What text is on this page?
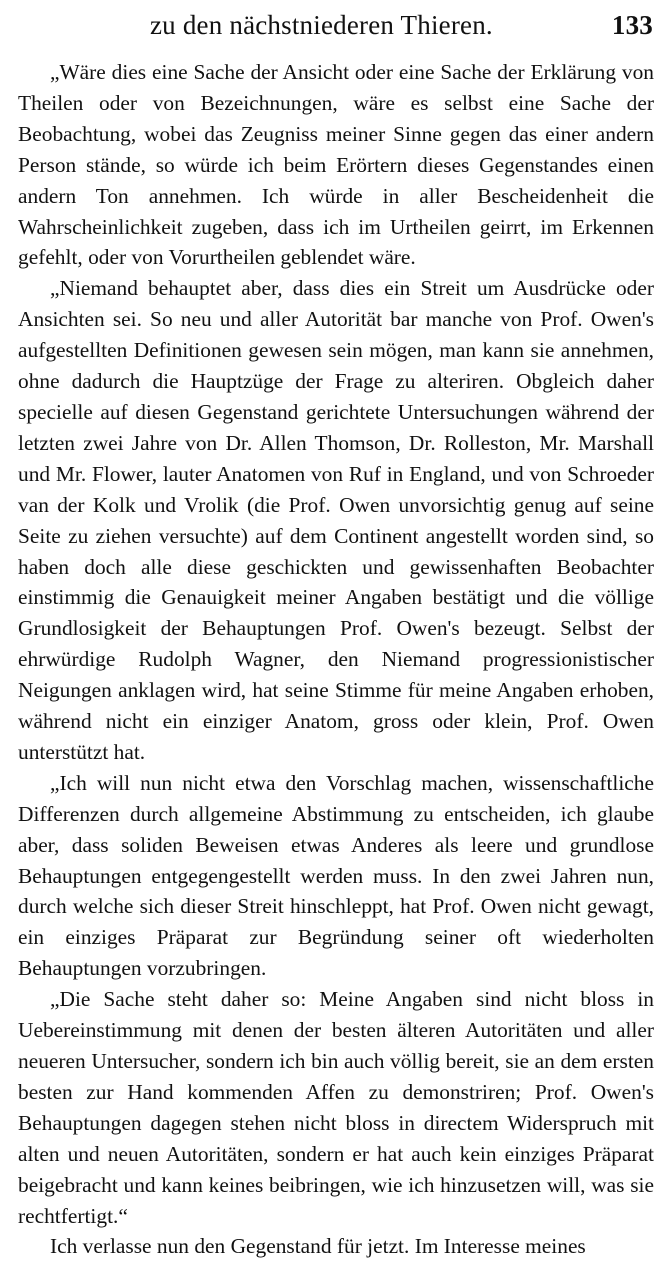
zu den nächstniederen Thieren.	133

„Wäre dies eine Sache der Ansicht oder eine Sache der Erklärung von Theilen oder von Bezeichnungen, wäre es selbst eine Sache der Beobachtung, wobei das Zeugniss meiner Sinne gegen das einer andern Person stände, so würde ich beim Erörtern dieses Gegenstandes einen andern Ton annehmen. Ich würde in aller Bescheidenheit die Wahrscheinlichkeit zugeben, dass ich im Urtheilen geirrt, im Erkennen gefehlt, oder von Vorurtheilen geblendet wäre.

„Niemand behauptet aber, dass dies ein Streit um Ausdrücke oder Ansichten sei. So neu und aller Autorität bar manche von Prof. Owen's aufgestellten Definitionen gewesen sein mögen, man kann sie annehmen, ohne dadurch die Hauptzüge der Frage zu alteriren. Obgleich daher specielle auf diesen Gegenstand gerichtete Untersuchungen während der letzten zwei Jahre von Dr. Allen Thomson, Dr. Rolleston, Mr. Marshall und Mr. Flower, lauter Anatomen von Ruf in England, und von Schroeder van der Kolk und Vrolik (die Prof. Owen unvorsichtig genug auf seine Seite zu ziehen versuchte) auf dem Continent angestellt worden sind, so haben doch alle diese geschickten und gewissenhaften Beobachter einstimmig die Genauigkeit meiner Angaben bestätigt und die völlige Grundlosigkeit der Behauptungen Prof. Owen's bezeugt. Selbst der ehrwürdige Rudolph Wagner, den Niemand progressionistischer Neigungen anklagen wird, hat seine Stimme für meine Angaben erhoben, während nicht ein einziger Anatom, gross oder klein, Prof. Owen unterstützt hat.

„Ich will nun nicht etwa den Vorschlag machen, wissenschaftliche Differenzen durch allgemeine Abstimmung zu entscheiden, ich glaube aber, dass soliden Beweisen etwas Anderes als leere und grundlose Behauptungen entgegengestellt werden muss. In den zwei Jahren nun, durch welche sich dieser Streit hinschleppt, hat Prof. Owen nicht gewagt, ein einziges Präparat zur Begründung seiner oft wiederholten Behauptungen vorzubringen.

„Die Sache steht daher so: Meine Angaben sind nicht bloss in Uebereinstimmung mit denen der besten älteren Autoritäten und aller neueren Untersucher, sondern ich bin auch völlig bereit, sie an dem ersten besten zur Hand kommenden Affen zu demonstriren; Prof. Owen's Behauptungen dagegen stehen nicht bloss in directem Widerspruch mit alten und neuen Autoritäten, sondern er hat auch kein einziges Präparat beigebracht und kann keines beibringen, wie ich hinzusetzen will, was sie rechtfertigt.“

Ich verlasse nun den Gegenstand für jetzt. Im Interesse meines
